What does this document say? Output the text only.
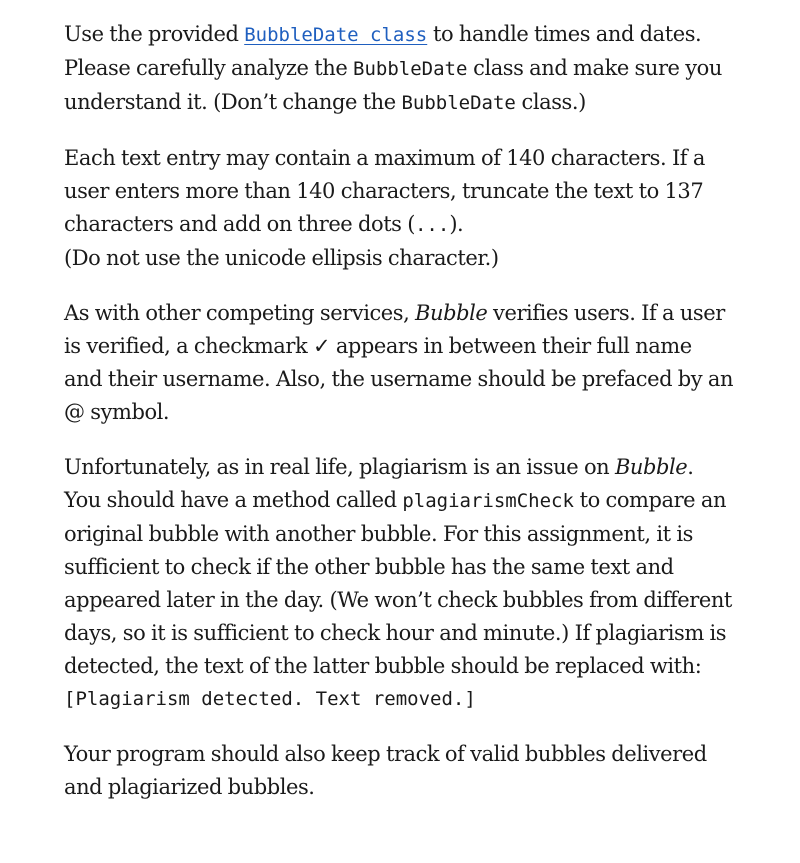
Use the provided BubbleDate class to handle times and dates. Please carefully analyze the BubbleDate class and make sure you understand it. (Don’t change the BubbleDate class.)

Each text entry may contain a maximum of 140 characters. If a user enters more than 140 characters, truncate the text to 137 characters and add on three dots (...).
(Do not use the unicode ellipsis character.)

As with other competing services, Bubble verifies users. If a user is verified, a checkmark ✓ appears in between their full name and their username. Also, the username should be prefaced by an @ symbol.

Unfortunately, as in real life, plagiarism is an issue on Bubble. You should have a method called plagiarismCheck to compare an original bubble with another bubble. For this assignment, it is sufficient to check if the other bubble has the same text and appeared later in the day. (We won’t check bubbles from different days, so it is sufficient to check hour and minute.) If plagiarism is detected, the text of the latter bubble should be replaced with:
[Plagiarism detected. Text removed.]

Your program should also keep track of valid bubbles delivered and plagiarized bubbles.
